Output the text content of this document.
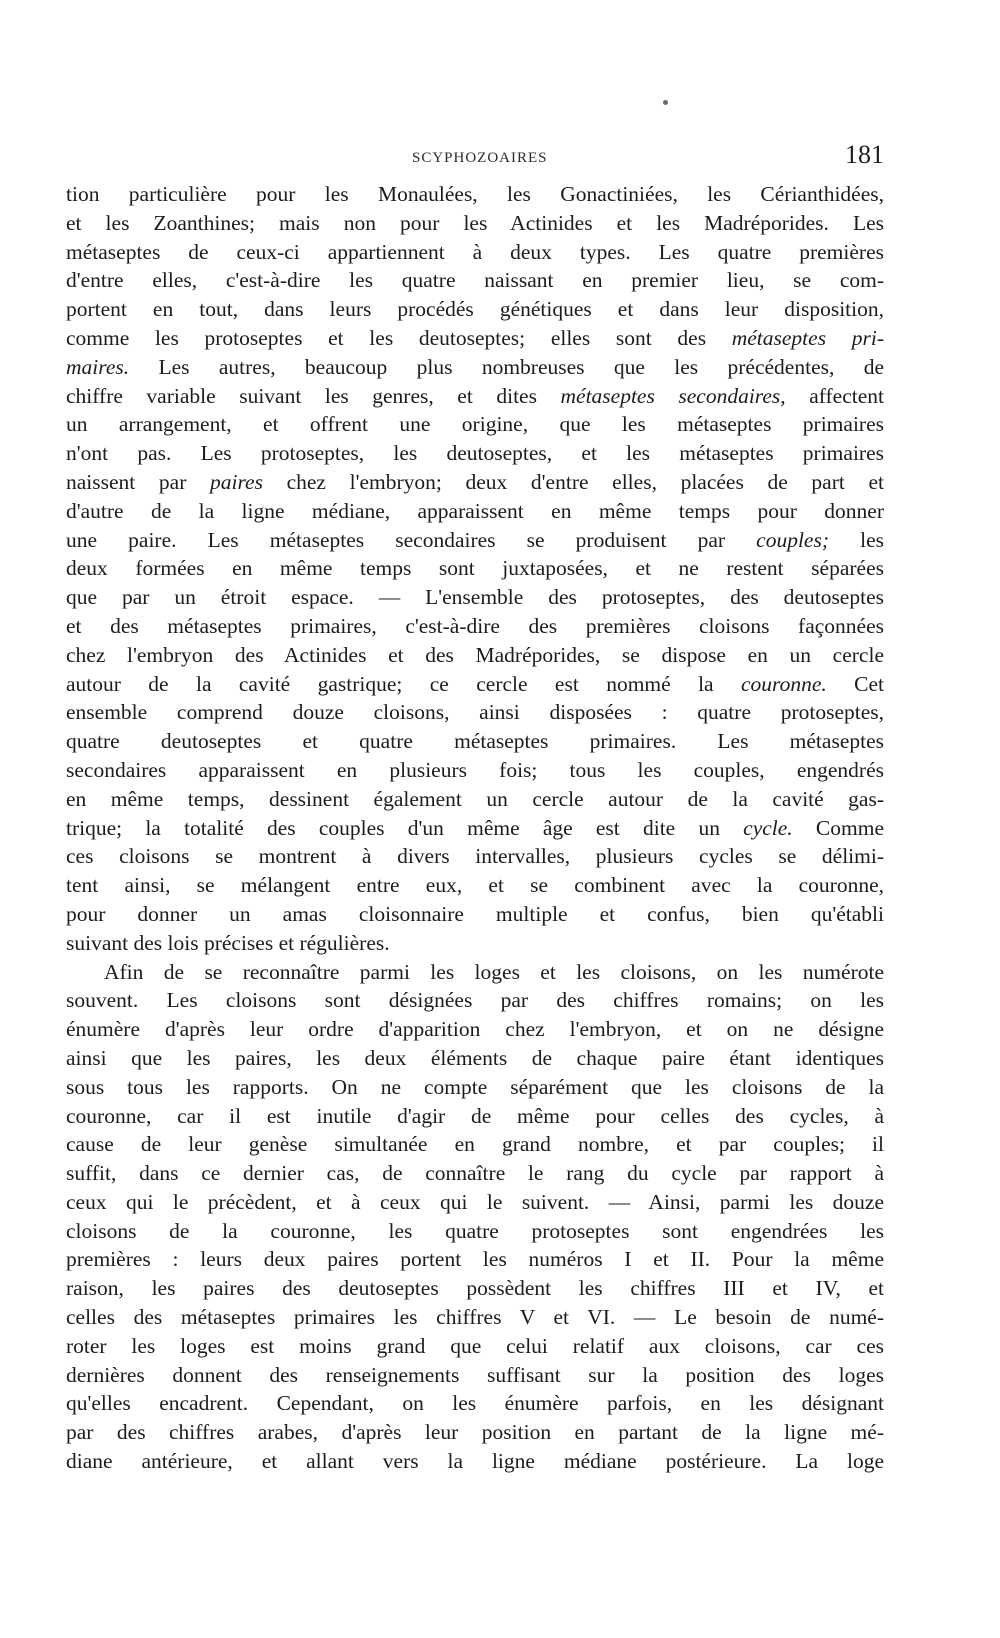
SCYPHOZOAIRES	181
tion particulière pour les Monaulées, les Gonactiniées, les Cérianthidées,
et les Zoanthines; mais non pour les Actinides et les Madréporides. Les
métaseptes de ceux-ci appartiennent à deux types. Les quatre premières
d'entre elles, c'est-à-dire les quatre naissant en premier lieu, se com-
portent en tout, dans leurs procédés génétiques et dans leur disposition,
comme les protoseptes et les deutoseptes; elles sont des métaseptes pri-
maires. Les autres, beaucoup plus nombreuses que les précédentes, de
chiffre variable suivant les genres, et dites métaseptes secondaires, affectent
un arrangement, et offrent une origine, que les métaseptes primaires
n'ont pas. Les protoseptes, les deutoseptes, et les métaseptes primaires
naissent par paires chez l'embryon; deux d'entre elles, placées de part et
d'autre de la ligne médiane, apparaissent en même temps pour donner
une paire. Les métaseptes secondaires se produisent par couples; les
deux formées en même temps sont juxtaposées, et ne restent séparées
que par un étroit espace. — L'ensemble des protoseptes, des deutoseptes
et des métaseptes primaires, c'est-à-dire des premières cloisons façonnées
chez l'embryon des Actinides et des Madréporides, se dispose en un cercle
autour de la cavité gastrique; ce cercle est nommé la couronne. Cet
ensemble comprend douze cloisons, ainsi disposées : quatre protoseptes,
quatre deutoseptes et quatre métaseptes primaires. Les métaseptes
secondaires apparaissent en plusieurs fois; tous les couples, engendrés
en même temps, dessinent également un cercle autour de la cavité gas-
trique; la totalité des couples d'un même âge est dite un cycle. Comme
ces cloisons se montrent à divers intervalles, plusieurs cycles se délimi-
tent ainsi, se mélangent entre eux, et se combinent avec la couronne,
pour donner un amas cloisonnaire multiple et confus, bien qu'établi
suivant des lois précises et régulières.
Afin de se reconnaître parmi les loges et les cloisons, on les numérote
souvent. Les cloisons sont désignées par des chiffres romains; on les
énumère d'après leur ordre d'apparition chez l'embryon, et on ne désigne
ainsi que les paires, les deux éléments de chaque paire étant identiques
sous tous les rapports. On ne compte séparément que les cloisons de la
couronne, car il est inutile d'agir de même pour celles des cycles, à
cause de leur genèse simultanée en grand nombre, et par couples; il
suffit, dans ce dernier cas, de connaître le rang du cycle par rapport à
ceux qui le précèdent, et à ceux qui le suivent. — Ainsi, parmi les douze
cloisons de la couronne, les quatre protoseptes sont engendrées les
premières : leurs deux paires portent les numéros I et II. Pour la même
raison, les paires des deutoseptes possèdent les chiffres III et IV, et
celles des métaseptes primaires les chiffres V et VI. — Le besoin de numé-
roter les loges est moins grand que celui relatif aux cloisons, car ces
dernières donnent des renseignements suffisant sur la position des loges
qu'elles encadrent. Cependant, on les énumère parfois, en les désignant
par des chiffres arabes, d'après leur position en partant de la ligne mé-
diane antérieure, et allant vers la ligne médiane postérieure. La loge
